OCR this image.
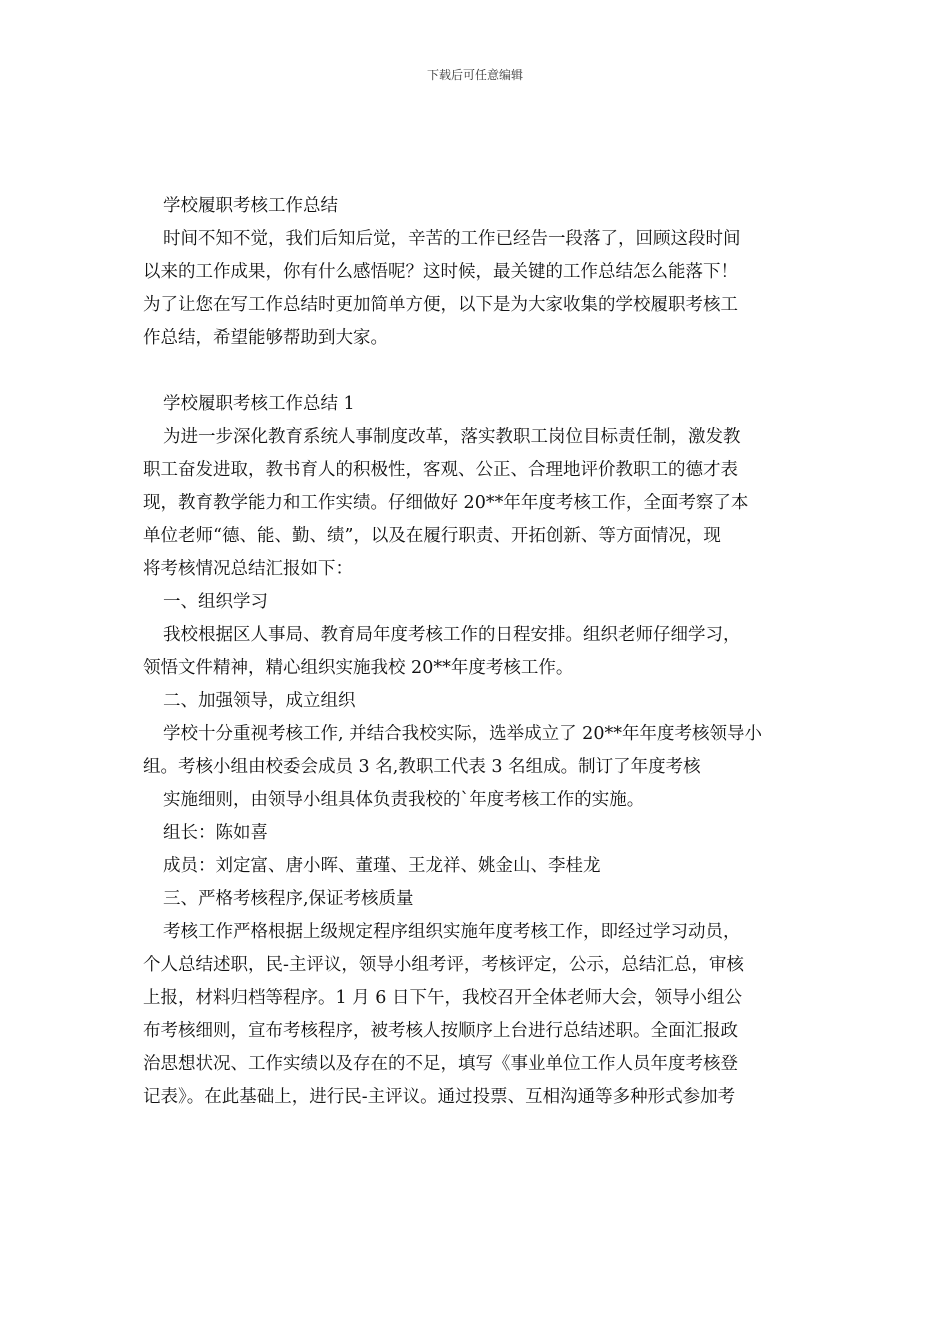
下载后可任意编辑
学校履职考核工作总结
时间不知不觉，我们后知后觉，辛苦的工作已经告一段落了，回顾这段时间
以来的工作成果，你有什么感悟呢？这时候，最关键的工作总结怎么能落下！
为了让您在写工作总结时更加简单方便，以下是为大家收集的学校履职考核工
作总结，希望能够帮助到大家。
学校履职考核工作总结 1
为进一步深化教育系统人事制度改革，落实教职工岗位目标责任制，激发教
职工奋发进取，教书育人的积极性，客观、公正、合理地评价教职工的德才表
现，教育教学能力和工作实绩。仔细做好 20**年年度考核工作，全面考察了本
单位老师“德、能、勤、绩”，以及在履行职责、开拓创新、等方面情况，现
将考核情况总结汇报如下：
一、组织学习
我校根据区人事局、教育局年度考核工作的日程安排。组织老师仔细学习，
领悟文件精神，精心组织实施我校 20**年度考核工作。
二、加强领导，成立组织
学校十分重视考核工作, 并结合我校实际，选举成立了 20**年年度考核领导小
组。考核小组由校委会成员 3 名,教职工代表 3 名组成。制订了年度考核
实施细则，由领导小组具体负责我校的`年度考核工作的实施。
组长：陈如喜
成员：刘定富、唐小晖、董瑾、王龙祥、姚金山、李桂龙
三、严格考核程序,保证考核质量
考核工作严格根据上级规定程序组织实施年度考核工作，即经过学习动员，
个人总结述职，民-主评议，领导小组考评，考核评定，公示，总结汇总，审核
上报，材料归档等程序。1 月 6 日下午，我校召开全体老师大会，领导小组公
布考核细则，宣布考核程序，被考核人按顺序上台进行总结述职。全面汇报政
治思想状况、工作实绩以及存在的不足，填写《事业单位工作人员年度考核登
记表》。在此基础上，进行民-主评议。通过投票、互相沟通等多种形式参加考
